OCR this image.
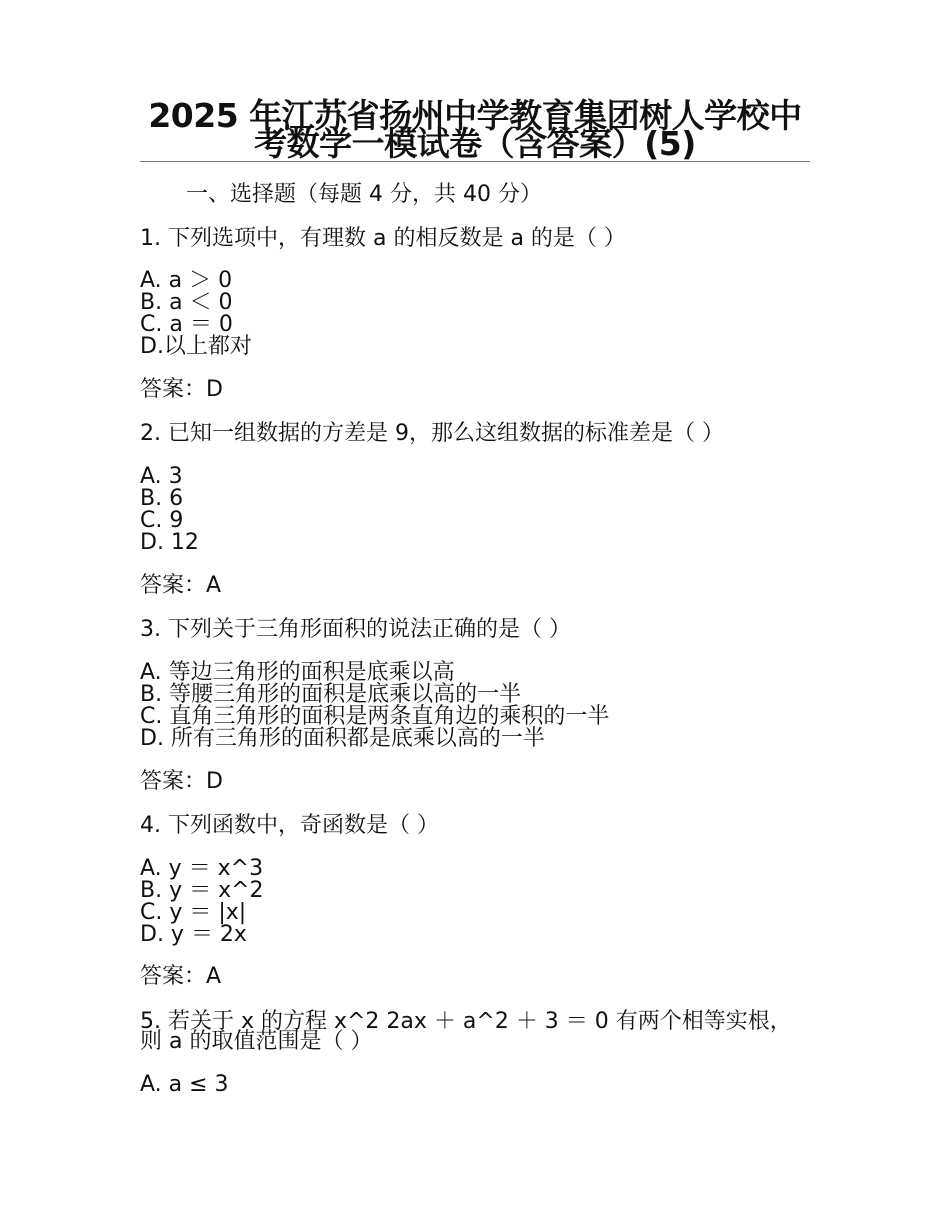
2025 年江苏省扬州中学教育集团树人学校中考数学一模试卷（含答案）(5)
一、选择题（每题 4 分，共 40 分）
1. 下列选项中，有理数 a 的相反数是 a 的是（ ）
A. a ＞ 0
B. a ＜ 0
C. a ＝ 0
D.以上都对
答案：D
2. 已知一组数据的方差是 9，那么这组数据的标准差是（ ）
A. 3
B. 6
C. 9
D. 12
答案：A
3. 下列关于三角形面积的说法正确的是（ ）
A. 等边三角形的面积是底乘以高
B. 等腰三角形的面积是底乘以高的一半
C. 直角三角形的面积是两条直角边的乘积的一半
D. 所有三角形的面积都是底乘以高的一半
答案：D
4. 下列函数中，奇函数是（ ）
A. y ＝ x^3
B. y ＝ x^2
C. y ＝ |x|
D. y ＝ 2x
答案：A
5. 若关于 x 的方程 x^2 2ax ＋ a^2 ＋ 3 ＝ 0 有两个相等实根，则 a 的取值范围是（ ）
A. a ≤ 3
